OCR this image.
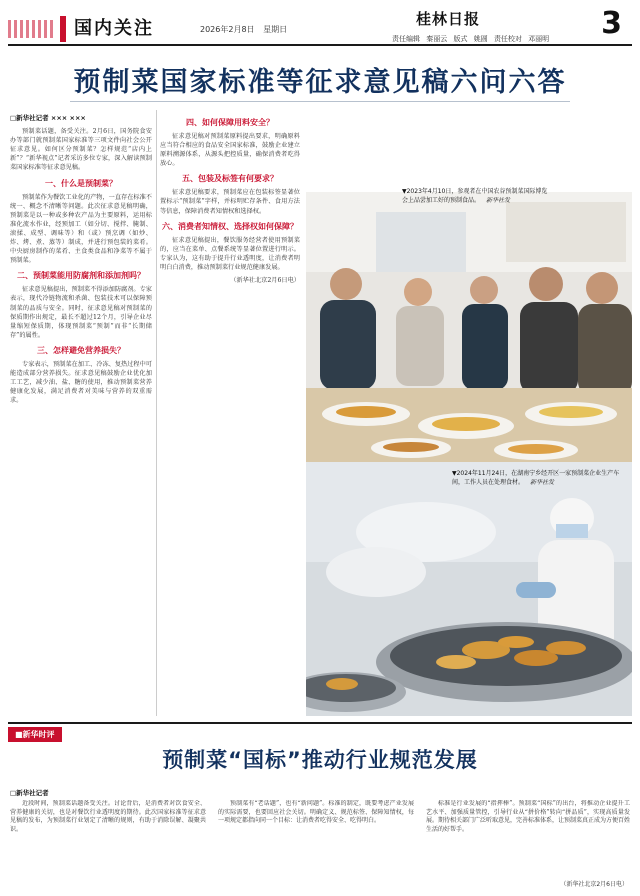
国内关注	2026年2月8日 星期日
桂林日报
责任编辑 秦丽云 版式 姚圆 责任校对 邓丽明 3
预制菜国家标准等征求意见稿六问六答
□新华社记者 ××× ×××

预制菜话题，备受关注。2月6日，国务院食安办等部门就预制菜国家标准等三项文件向社会公开征求意见。如何区分预制菜？怎样规范“店内上新”？“新华视点”记者采访多位专家，深入解读预制菜国家标准等征求意见稿。

一、什么是预制菜？

预制菜作为餐饮工业化的产物，一直存在标准不统一、概念不清晰等问题。此次征求意见稿明确，预制菜是以一种或多种农产品为主要原料，运用标准化流水作业，经预加工（如分切、搅拌、腌制、滚揉、成型、调味等）和（或）预烹调（如炒、炸、烤、煮、蒸等）制成，并进行预包装的菜肴。中央厨房制作的菜肴、主食类食品和净菜等不属于预制菜。

二、预制菜能用防腐剂和添加剂吗？

征求意见稿提出，预制菜不得添加防腐剂。专家表示，现代冷链物流和杀菌、包装技术可以保障预制菜的品质与安全。同时，征求意见稿对预制菜的保质期作出规定，最长不超过12个月，引导企业尽量缩短保质期，体现预制菜“预制”而非“长期储存”的属性。

三、怎样避免营养损失？

专家表示，预制菜在加工、冷冻、复热过程中可能造成部分营养损失。征求意见稿鼓励企业优化加工工艺，减少油、盐、糖的使用，推动预制菜营养健康化发展，满足消费者对美味与营养的双重需求。

四、如何保障用料安全？

征求意见稿对预制菜原料提出要求，明确原料应当符合相应的食品安全国家标准，鼓励企业建立原料溯源体系，从源头把控质量，确保消费者吃得放心。

五、包装及标签有何要求？

征求意见稿要求，预制菜应在包装标签显著位置标示“预制菜”字样，并标明贮存条件、食用方法等信息，保障消费者知情权和选择权。

六、消费者知情权、选择权如何保障？

征求意见稿提出，餐饮服务经营者使用预制菜的，应当在菜单、点餐系统等显著位置进行明示。专家认为，这有助于提升行业透明度，让消费者明明白白消费，推动预制菜行业规范健康发展。

（新华社北京2月6日电）

▼2023年4月10日，参观者在中国农谷预制菜国际博览会上品尝加工好的预制食品。 新华社发
▼2024年11月24日，在湖南宁乡经开区一家预制菜企业生产车间，工作人员在处理食材。 新华社发
■新华时评
预制菜“国标”推动行业规范发展
□新华社记者

近段时间，预制菜话题备受关注。讨论背后，是消费者对饮食安全、营养健康的关切，也是对餐饮行业透明度的期待。此次国家标准等征求意见稿的发布，为预制菜行业划定了清晰的规则，有助于消除误解、凝聚共识。

预制菜有“老话题”，也有“新问题”。标准的制定，既要考虑产业发展的实际需要，也要回应社会关切。明确定义、规范标签、保障知情权，每一项规定都指向同一个目标：让消费者吃得安全、吃得明白。

标准是行业发展的“指挥棒”。预制菜“国标”的出台，将推动企业提升工艺水平、加强质量管控，引导行业从“拼价格”转向“拼品质”，实现高质量发展。期待相关部门广泛听取意见，完善标准体系，让预制菜真正成为方便百姓生活的好帮手。

（新华社北京2月6日电）
